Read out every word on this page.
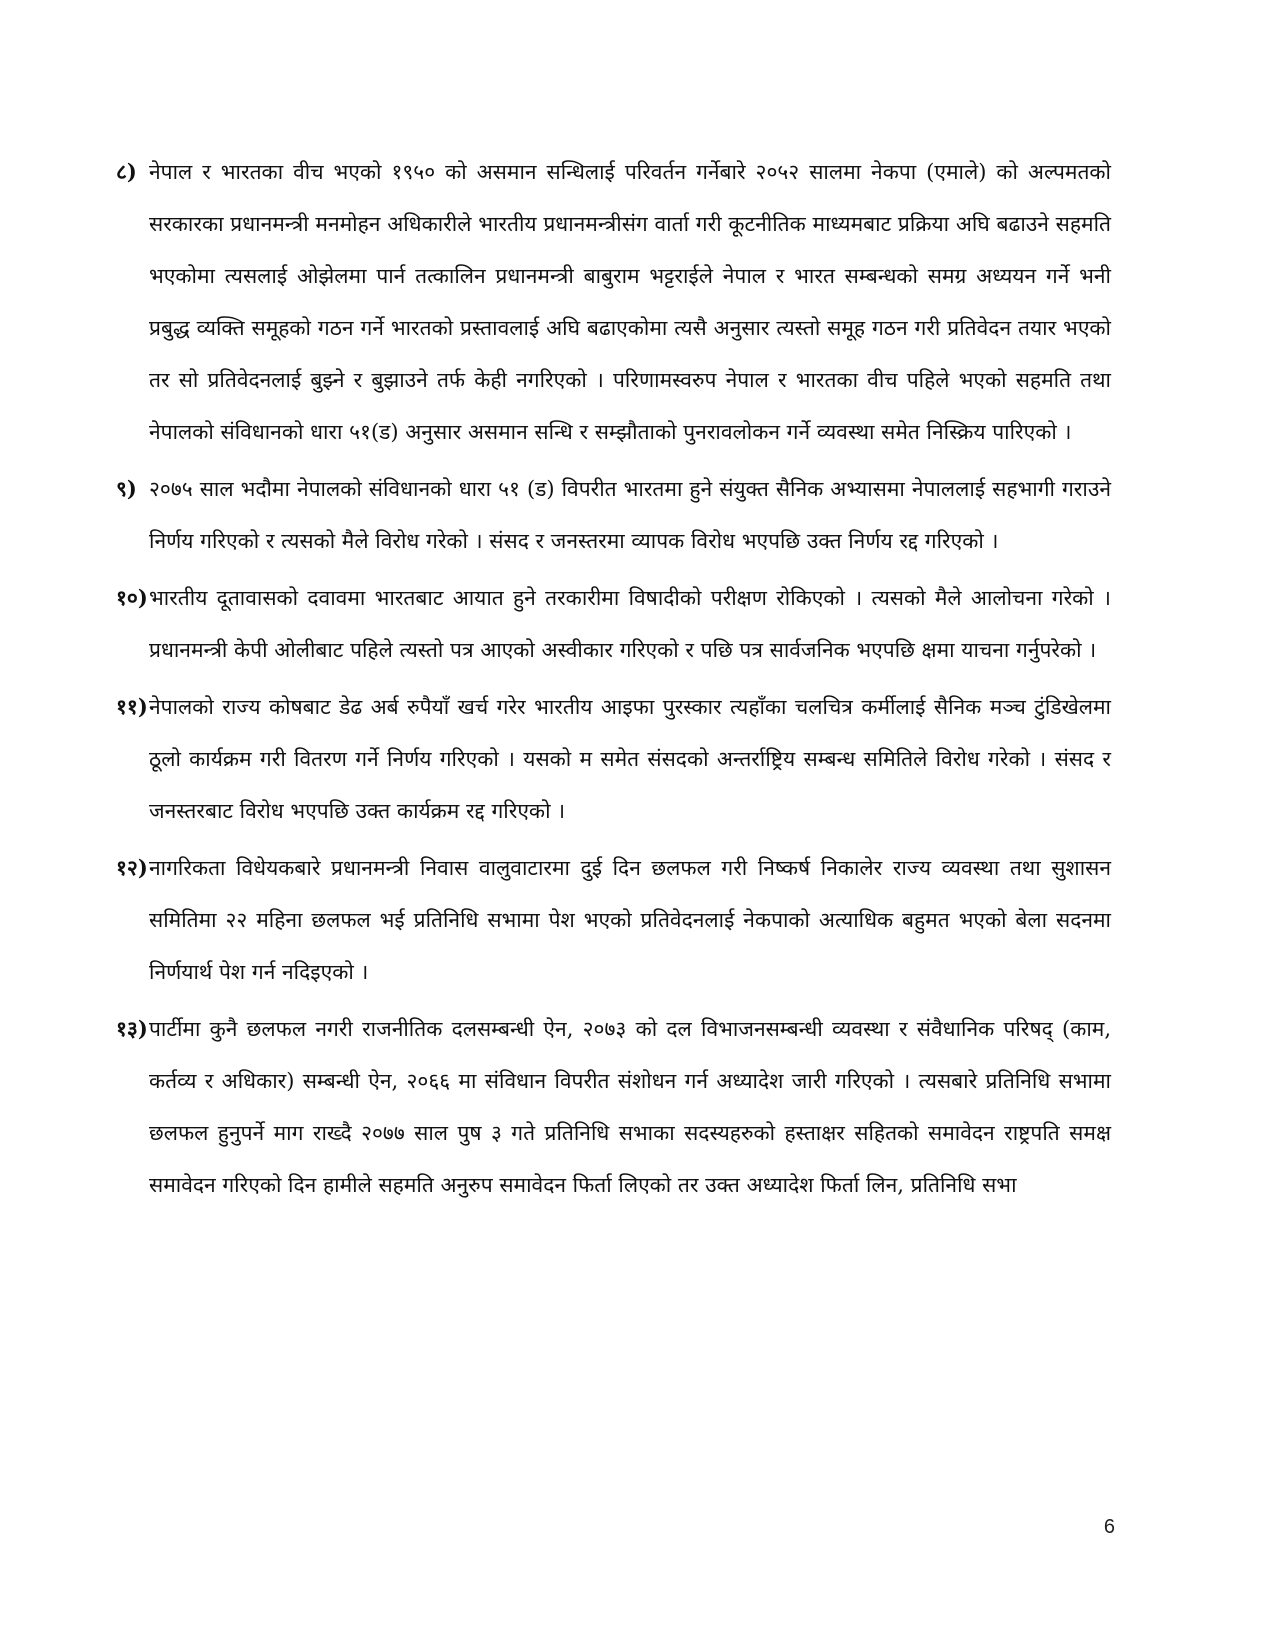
८) नेपाल र भारतका वीच भएको १९५० को असमान सन्धिलाई परिवर्तन गर्नेबारे २०५२ सालमा नेकपा (एमाले) को अल्पमतको सरकारका प्रधानमन्त्री मनमोहन अधिकारीले भारतीय प्रधानमन्त्रीसंग वार्ता गरी कूटनीतिक माध्यमबाट प्रक्रिया अघि बढाउने सहमति भएकोमा त्यसलाई ओझेलमा पार्न तत्कालिन प्रधानमन्त्री बाबुराम भट्टराईले नेपाल र भारत सम्बन्धको समग्र अध्ययन गर्ने भनी प्रबुद्ध व्यक्ति समूहको गठन गर्ने भारतको प्रस्तावलाई अघि बढाएकोमा त्यसै अनुसार त्यस्तो समूह गठन गरी प्रतिवेदन तयार भएको तर सो प्रतिवेदनलाई बुझ्ने र बुझाउने तर्फ केही नगरिएको । परिणामस्वरुप नेपाल र भारतका वीच पहिले भएको सहमति तथा नेपालको संविधानको धारा ५१(ड) अनुसार असमान सन्धि र सम्झौताको पुनरावलोकन गर्ने व्यवस्था समेत निस्क्रिय पारिएको ।
९) २०७५ साल भदौमा नेपालको संविधानको धारा ५१ (ड) विपरीत भारतमा हुने संयुक्त सैनिक अभ्यासमा नेपाललाई सहभागी गराउने निर्णय गरिएको र त्यसको मैले विरोध गरेको । संसद र जनस्तरमा व्यापक विरोध भएपछि उक्त निर्णय रद्द गरिएको ।
१०) भारतीय दूतावासको दवावमा भारतबाट आयात हुने तरकारीमा विषादीको परीक्षण रोकिएको । त्यसको मैले आलोचना गरेको । प्रधानमन्त्री केपी ओलीबाट पहिले त्यस्तो पत्र आएको अस्वीकार गरिएको र पछि पत्र सार्वजनिक भएपछि क्षमा याचना गर्नुपरेको ।
११) नेपालको राज्य कोषबाट डेढ अर्ब रुपैयाँ खर्च गरेर भारतीय आइफा पुरस्कार त्यहाँका चलचित्र कर्मीलाई सैनिक मञ्च टुंडिखेलमा ठूलो कार्यक्रम गरी वितरण गर्ने निर्णय गरिएको । यसको म समेत संसदको अन्तर्राष्ट्रिय सम्बन्ध समितिले विरोध गरेको । संसद र जनस्तरबाट विरोध भएपछि उक्त कार्यक्रम रद्द गरिएको ।
१२) नागरिकता विधेयकबारे प्रधानमन्त्री निवास वालुवाटारमा दुई दिन छलफल गरी निष्कर्ष निकालेर राज्य व्यवस्था तथा सुशासन समितिमा २२ महिना छलफल भई प्रतिनिधि सभामा पेश भएको प्रतिवेदनलाई नेकपाको अत्याधिक बहुमत भएको बेला सदनमा निर्णयार्थ पेश गर्न नदिइएको ।
१३) पार्टीमा कुनै छलफल नगरी राजनीतिक दलसम्बन्धी ऐन, २०७३ को दल विभाजनसम्बन्धी व्यवस्था र संवैधानिक परिषद् (काम, कर्तव्य र अधिकार) सम्बन्धी ऐन, २०६६ मा संविधान विपरीत संशोधन गर्न अध्यादेश जारी गरिएको । त्यसबारे प्रतिनिधि सभामा छलफल हुनुपर्ने माग राख्दै २०७७ साल पुष ३ गते प्रतिनिधि सभाका सदस्यहरुको हस्ताक्षर सहितको समावेदन राष्ट्रपति समक्ष समावेदन गरिएको दिन हामीले सहमति अनुरुप समावेदन फिर्ता लिएको तर उक्त अध्यादेश फिर्ता लिन, प्रतिनिधि सभा
6
